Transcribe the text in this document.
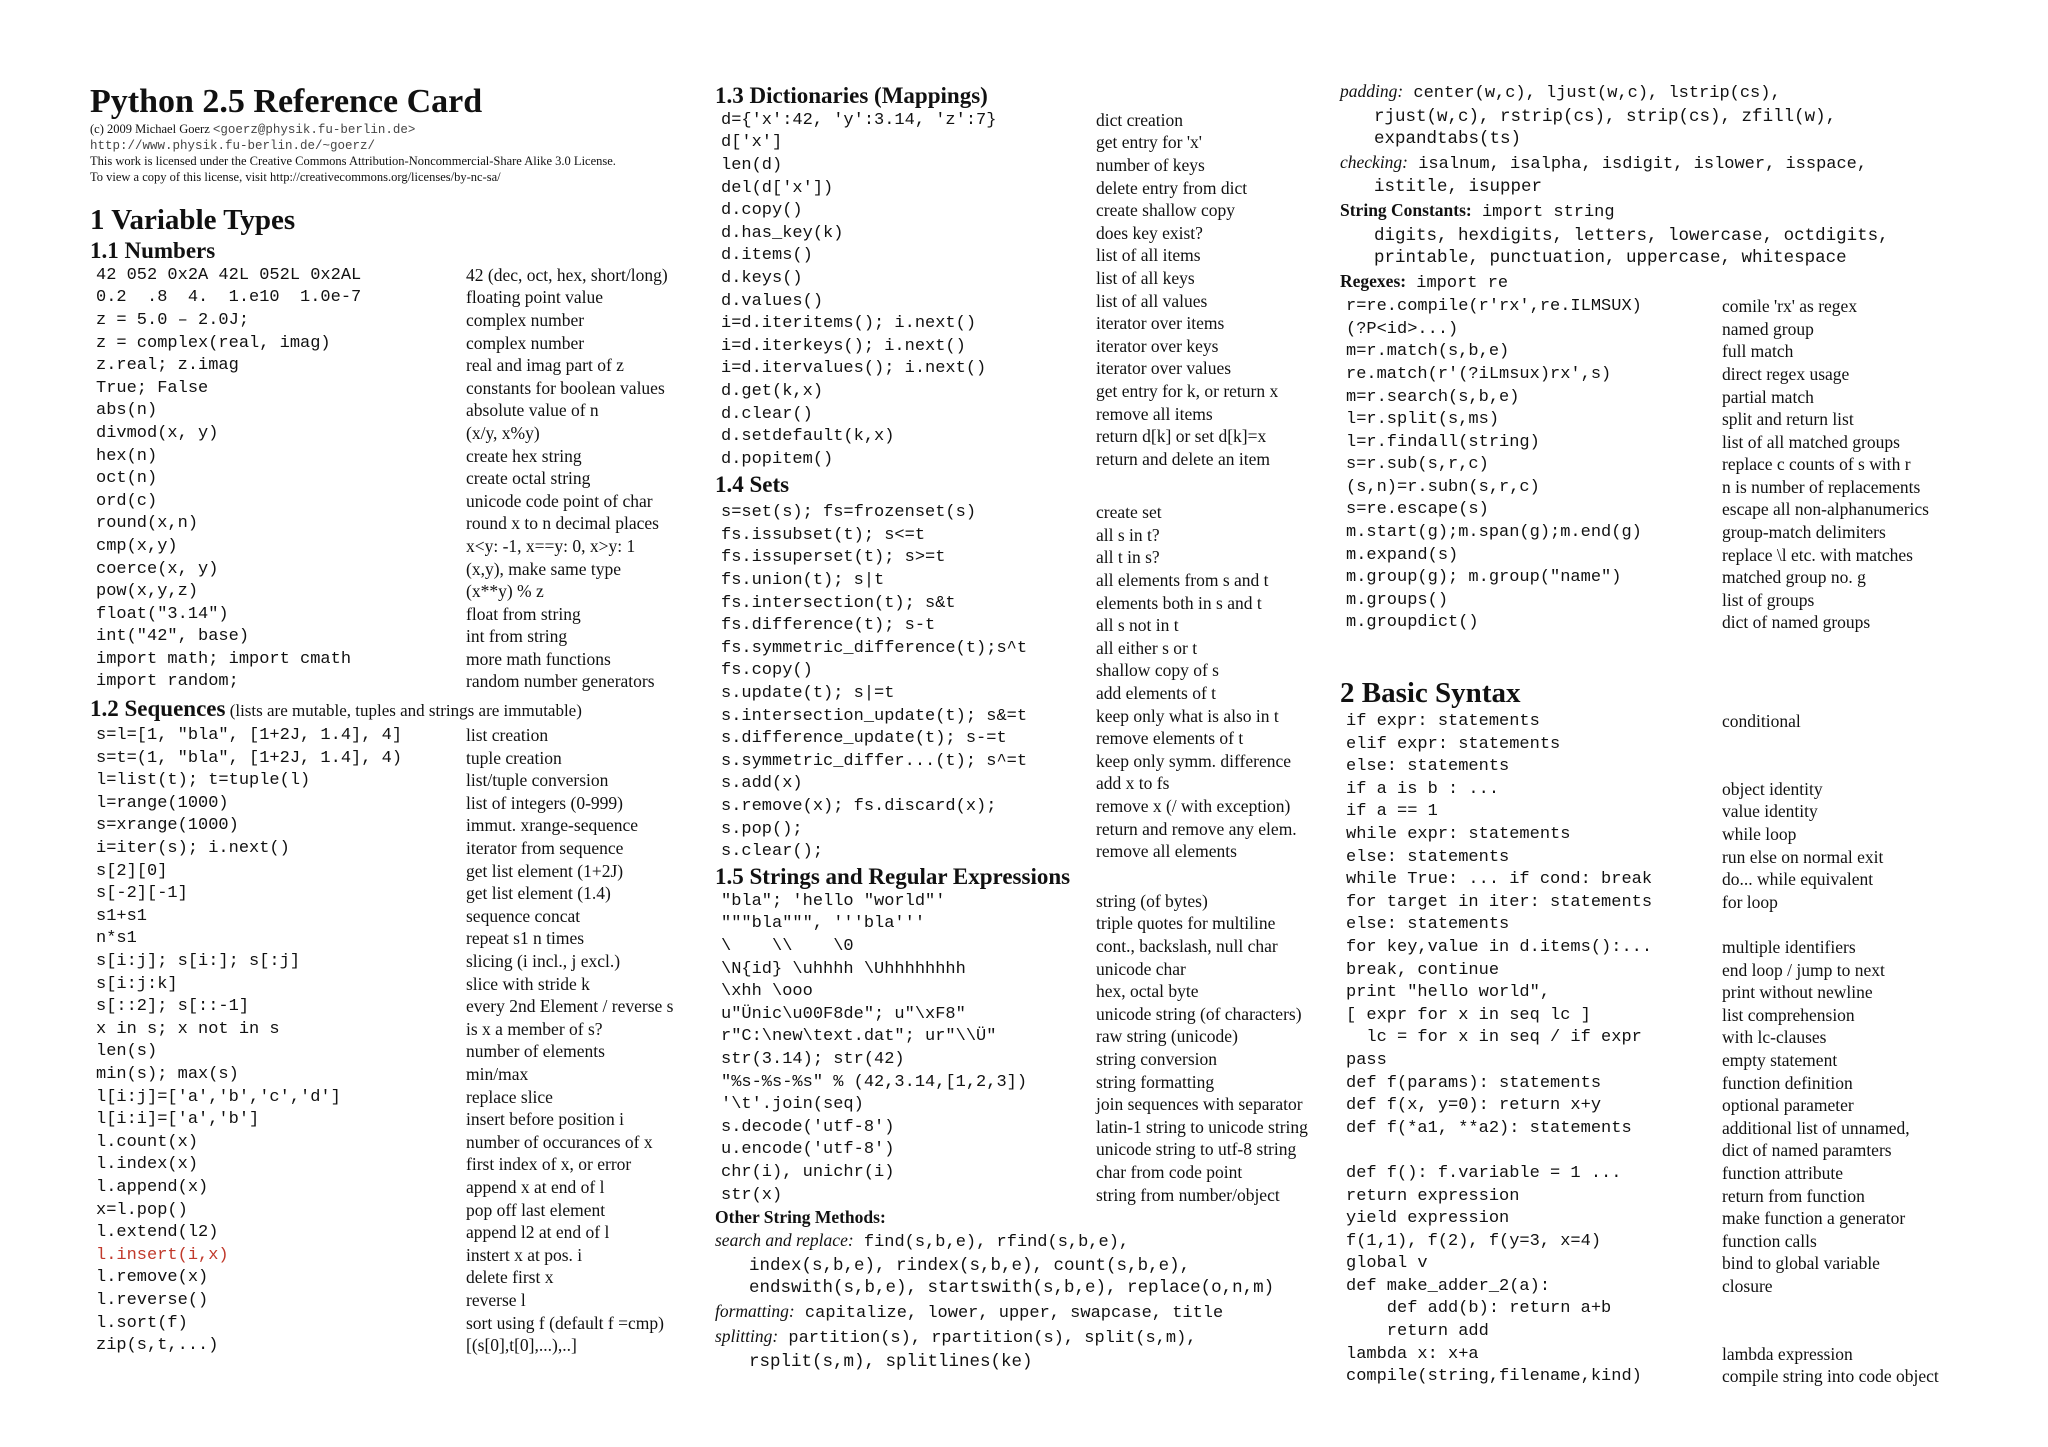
Python 2.5 Reference Card
(c) 2009 Michael Goerz <goerz@physik.fu-berlin.de>
http://www.physik.fu-berlin.de/~goerz/
This work is licensed under the Creative Commons Attribution-Noncommercial-Share Alike 3.0 License.
To view a copy of this license, visit http://creativecommons.org/licenses/by-nc-sa/
1 Variable Types
1.1 Numbers
42 052 0x2A 42L 052L 0x2AL	42 (dec, oct, hex, short/long)
0.2  .8  4.  1.e10  1.0e-7	floating point value
z = 5.0 – 2.0J;	complex number
z = complex(real, imag)	complex number
z.real; z.imag	real and imag part of z
True; False	constants for boolean values
abs(n)	absolute value of n
divmod(x, y)	(x/y, x%y)
hex(n)	create hex string
oct(n)	create octal string
ord(c)	unicode code point of char
round(x,n)	round x to n decimal places
cmp(x,y)	x<y: -1, x==y: 0, x>y: 1
coerce(x, y)	(x,y), make same type
pow(x,y,z)	(x**y) % z
float("3.14")	float from string
int("42", base)	int from string
import math; import cmath	more math functions
import random;	random number generators
1.2 Sequences (lists are mutable, tuples and strings are immutable)
s=l=[1, "bla", [1+2J, 1.4], 4]	list creation
s=t=(1, "bla", [1+2J, 1.4], 4)	tuple creation
l=list(t); t=tuple(l)	list/tuple conversion
l=range(1000)	list of integers (0-999)
s=xrange(1000)	immut. xrange-sequence
i=iter(s); i.next()	iterator from sequence
s[2][0]	get list element (1+2J)
s[-2][-1]	get list element (1.4)
s1+s1	sequence concat
n*s1	repeat s1 n times
s[i:j]; s[i:]; s[:j]	slicing (i incl., j excl.)
s[i:j:k]	slice with stride k
s[::2]; s[::-1]	every 2nd Element / reverse s
x in s; x not in s	is x a member of s?
len(s)	number of elements
min(s); max(s)	min/max
l[i:j]=['a','b','c','d']	replace slice
l[i:i]=['a','b']	insert before position i
l.count(x)	number of occurances of x
l.index(x)	first index of x, or error
l.append(x)	append x at end of l
x=l.pop()	pop off last element
l.extend(l2)	append l2 at end of l
l.insert(i,x)	instert x at pos. i
l.remove(x)	delete first x
l.reverse()	reverse l
l.sort(f)	sort using f (default f =cmp)
zip(s,t,...)	[(s[0],t[0],...),..]
1.3 Dictionaries (Mappings)
d={'x':42, 'y':3.14, 'z':7}	dict creation
d['x']	get entry for 'x'
len(d)	number of keys
del(d['x'])	delete entry from dict
d.copy()	create shallow copy
d.has_key(k)	does key exist?
d.items()	list of all items
d.keys()	list of all keys
d.values()	list of all values
i=d.iteritems(); i.next()	iterator over items
i=d.iterkeys(); i.next()	iterator over keys
i=d.itervalues(); i.next()	iterator over values
d.get(k,x)	get entry for k, or return x
d.clear()	remove all items
d.setdefault(k,x)	return d[k] or set d[k]=x
d.popitem()	return and delete an item
1.4 Sets
s=set(s); fs=frozenset(s)	create set
fs.issubset(t); s<=t	all s in t?
fs.issuperset(t); s>=t	all t in s?
fs.union(t); s|t	all elements from s and t
fs.intersection(t); s&t	elements both in s and t
fs.difference(t); s-t	all s not in t
fs.symmetric_difference(t);s^t	all either s or t
fs.copy()	shallow copy of s
s.update(t); s|=t	add elements of t
s.intersection_update(t); s&=t	keep only what is also in t
s.difference_update(t); s-=t	remove elements of t
s.symmetric_differ...(t); s^=t	keep only symm. difference
s.add(x)	add x to fs
s.remove(x); fs.discard(x);	remove x (/ with exception)
s.pop();	return and remove any elem.
s.clear();	remove all elements
1.5 Strings and Regular Expressions
"bla"; 'hello "world"'	string (of bytes)
"""bla""", '''bla'''	triple quotes for multiline
\    \\    \0	cont., backslash, null char
\N{id} \uhhhh \Uhhhhhhhh	unicode char
\xhh \ooo	hex, octal byte
u"Ünic\u00F8de"; u"\xF8"	unicode string (of characters)
r"C:\new\text.dat"; ur"\\Ü"	raw string (unicode)
str(3.14); str(42)	string conversion
"%s-%s-%s" % (42,3.14,[1,2,3])	string formatting
'\t'.join(seq)	join sequences with separator
s.decode('utf-8')	latin-1 string to unicode string
u.encode('utf-8')	unicode string to utf-8 string
chr(i), unichr(i)	char from code point
str(x)	string from number/object
Other String Methods:
search and replace: find(s,b,e), rfind(s,b,e),
index(s,b,e), rindex(s,b,e), count(s,b,e),
endswith(s,b,e), startswith(s,b,e), replace(o,n,m)
formatting: capitalize, lower, upper, swapcase, title
splitting: partition(s), rpartition(s), split(s,m),
rsplit(s,m), splitlines(ke)
padding: center(w,c), ljust(w,c), lstrip(cs),
rjust(w,c), rstrip(cs), strip(cs), zfill(w),
expandtabs(ts)
checking: isalnum, isalpha, isdigit, islower, isspace,
istitle, isupper
String Constants: import string
digits, hexdigits, letters, lowercase, octdigits,
printable, punctuation, uppercase, whitespace
Regexes: import re
r=re.compile(r'rx',re.ILMSUX)	comile 'rx' as regex
(?P<id>...)	named group
m=r.match(s,b,e)	full match
re.match(r'(?iLmsux)rx',s)	direct regex usage
m=r.search(s,b,e)	partial match
l=r.split(s,ms)	split and return list
l=r.findall(string)	list of all matched groups
s=r.sub(s,r,c)	replace c counts of s with r
(s,n)=r.subn(s,r,c)	n is number of replacements
s=re.escape(s)	escape all non-alphanumerics
m.start(g);m.span(g);m.end(g)	group-match delimiters
m.expand(s)	replace \l etc. with matches
m.group(g); m.group("name")	matched group no. g
m.groups()	list of groups
m.groupdict()	dict of named groups
2 Basic Syntax
if expr: statements	conditional
elif expr: statements
else: statements
if a is b : ...	object identity
if a == 1	value identity
while expr: statements	while loop
else: statements	run else on normal exit
while True: ... if cond: break	do... while equivalent
for target in iter: statements	for loop
else: statements
for key,value in d.items():...	multiple identifiers
break, continue	end loop / jump to next
print "hello world",	print without newline
[ expr for x in seq lc ]	list comprehension
lc = for x in seq / if expr	with lc-clauses
pass	empty statement
def f(params): statements	function definition
def f(x, y=0): return x+y	optional parameter
def f(*a1, **a2): statements	additional list of unnamed,
dict of named paramters
def f(): f.variable = 1 ...	function attribute
return expression	return from function
yield expression	make function a generator
f(1,1), f(2), f(y=3, x=4)	function calls
global v	bind to global variable
def make_adder_2(a):	closure
def add(b): return a+b
return add
lambda x: x+a	lambda expression
compile(string,filename,kind)	compile string into code object
